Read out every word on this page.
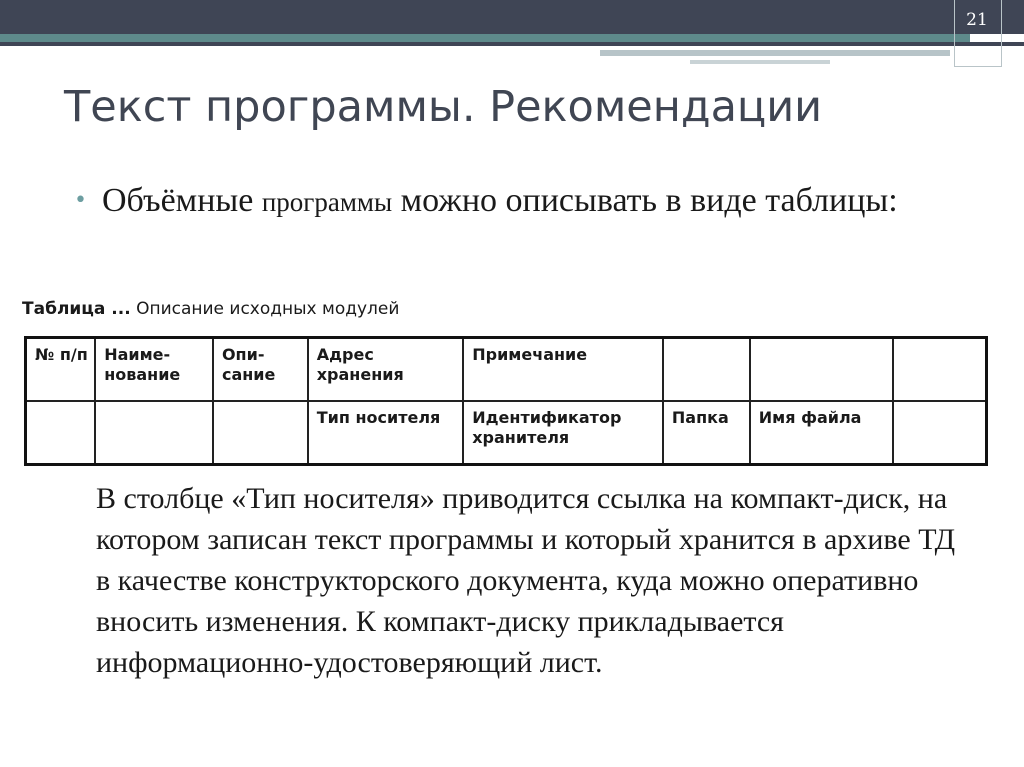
21
Текст программы. Рекомендации
• Объёмные программы можно описывать в виде таблицы:
Таблица ... Описание исходных модулей
№ п/п	Наиме-нование	Опи-сание	Адрес хранения	Примечание			
			Тип носителя	Идентификатор хранителя	Папка	Имя файла	
В столбце «Тип носителя» приводится ссылка на компакт-диск, на котором записан текст программы и который хранится в архиве ТД в качестве конструкторского документа, куда можно оперативно вносить изменения. К компакт-диску прикладывается информационно-удостоверяющий лист.
